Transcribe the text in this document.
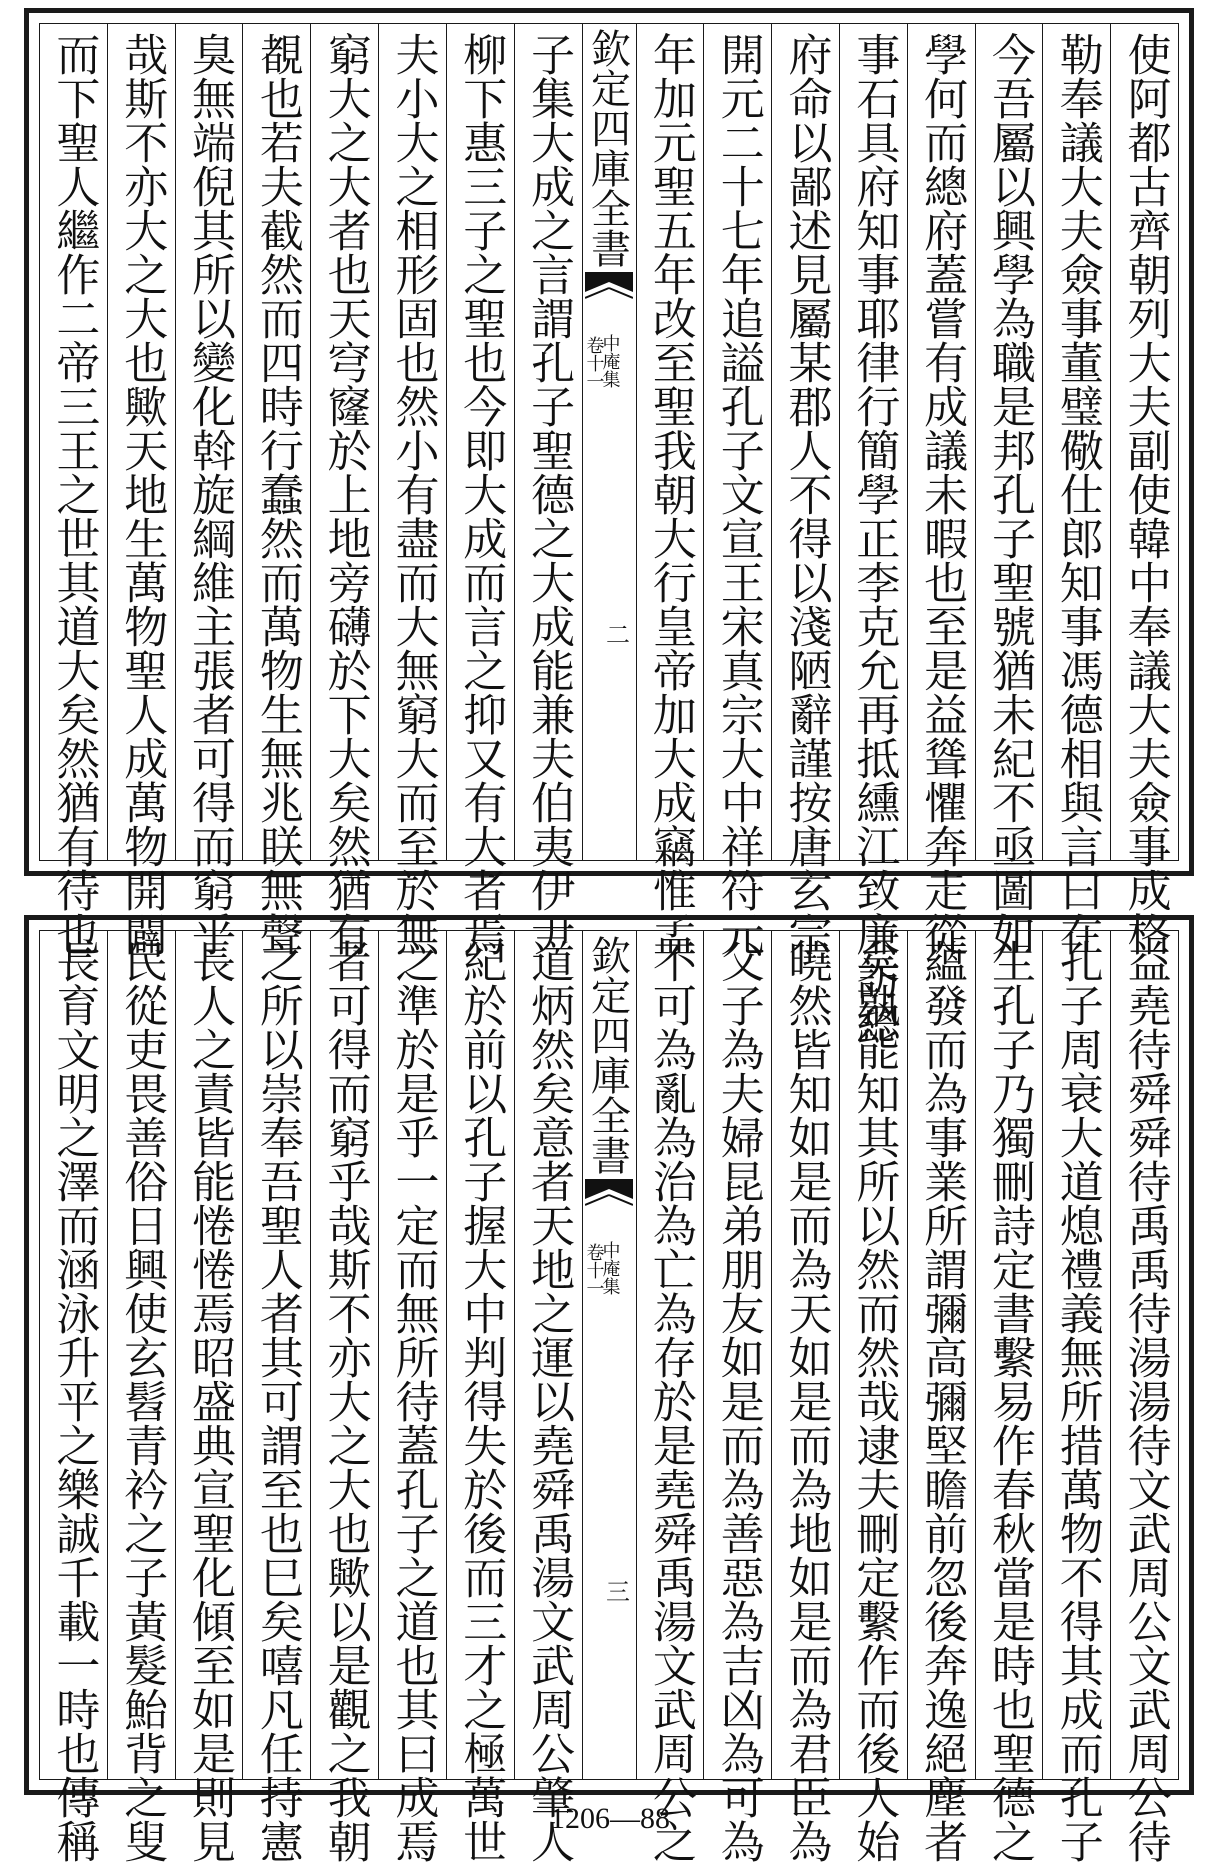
使阿都古齊朝列大夫副使韓中奉議大夫僉事成格
勒奉議大夫僉事董璧儆仕郎知事馮德相與言曰在
今吾屬以興學為職是邦孔子聖號猶未紀不亟圖如
學何而總府蓋嘗有成議未暇也至是益聳懼奔走從
事石具府知事耶律行簡學正李克允再抵纁江致廉訪總
府命以鄙述見屬某郡人不得以淺陋辭謹按唐玄宗
開元二十七年追謚孔子文宣王宋真宗大中祥符元
年加元聖五年改至聖我朝大行皇帝加大成竊惟孟
欽定四庫全書
中庵集
卷十一
二
子集大成之言謂孔子聖德之大成能兼夫伯夷伊尹
柳下惠三子之聖也今即大成而言之抑又有大者焉
夫小大之相形固也然小有盡而大無窮大而至於無
窮大之大者也天穹窿於上地旁礴於下大矣然猶有
覩也若夫截然而四時行蠢然而萬物生無兆眹無聲
臭無端倪其所以變化斡旋綱維主張者可得而窮乎
哉斯不亦大之大也歟天地生萬物聖人成萬物開闢
而下聖人繼作二帝三王之世其道大矣然猶有待也
益堯待舜舜待禹禹待湯湯待文武周公文武周公待
孔子周衰大道熄禮義無所措萬物不得其成而孔子
生孔子乃獨刪詩定書繫易作春秋當是時也聖德之
蘊發而為事業所謂彌高彌堅瞻前忽後奔逸絕塵者
矣孰能知其所以然而然哉逮夫刪定繫作而後人始
曉然皆知如是而為天如是而為地如是而為君臣為
父子為夫婦昆弟朋友如是而為善惡為吉凶為可為
不可為亂為治為亡為存於是堯舜禹湯文武周公之
欽定四庫全書
中庵集
卷十一
三
道炳然矣意者天地之運以堯舜禹湯文武周公肇人
紀於前以孔子握大中判得失於後而三才之極萬世
之準於是乎一定而無所待蓋孔子之道也其曰成焉
者可得而窮乎哉斯不亦大之大也歟以是觀之我朝
之所以崇奉吾聖人者其可謂至也巳矣嘻凡任持憲
長人之責皆能惓惓焉昭盛典宣聖化傾至如是則見
民從吏畏善俗日興使玄髫青衿之子黃髮鮐背之叟
長育文明之澤而涵泳升平之樂誠千載一時也傳稱	1206—88
